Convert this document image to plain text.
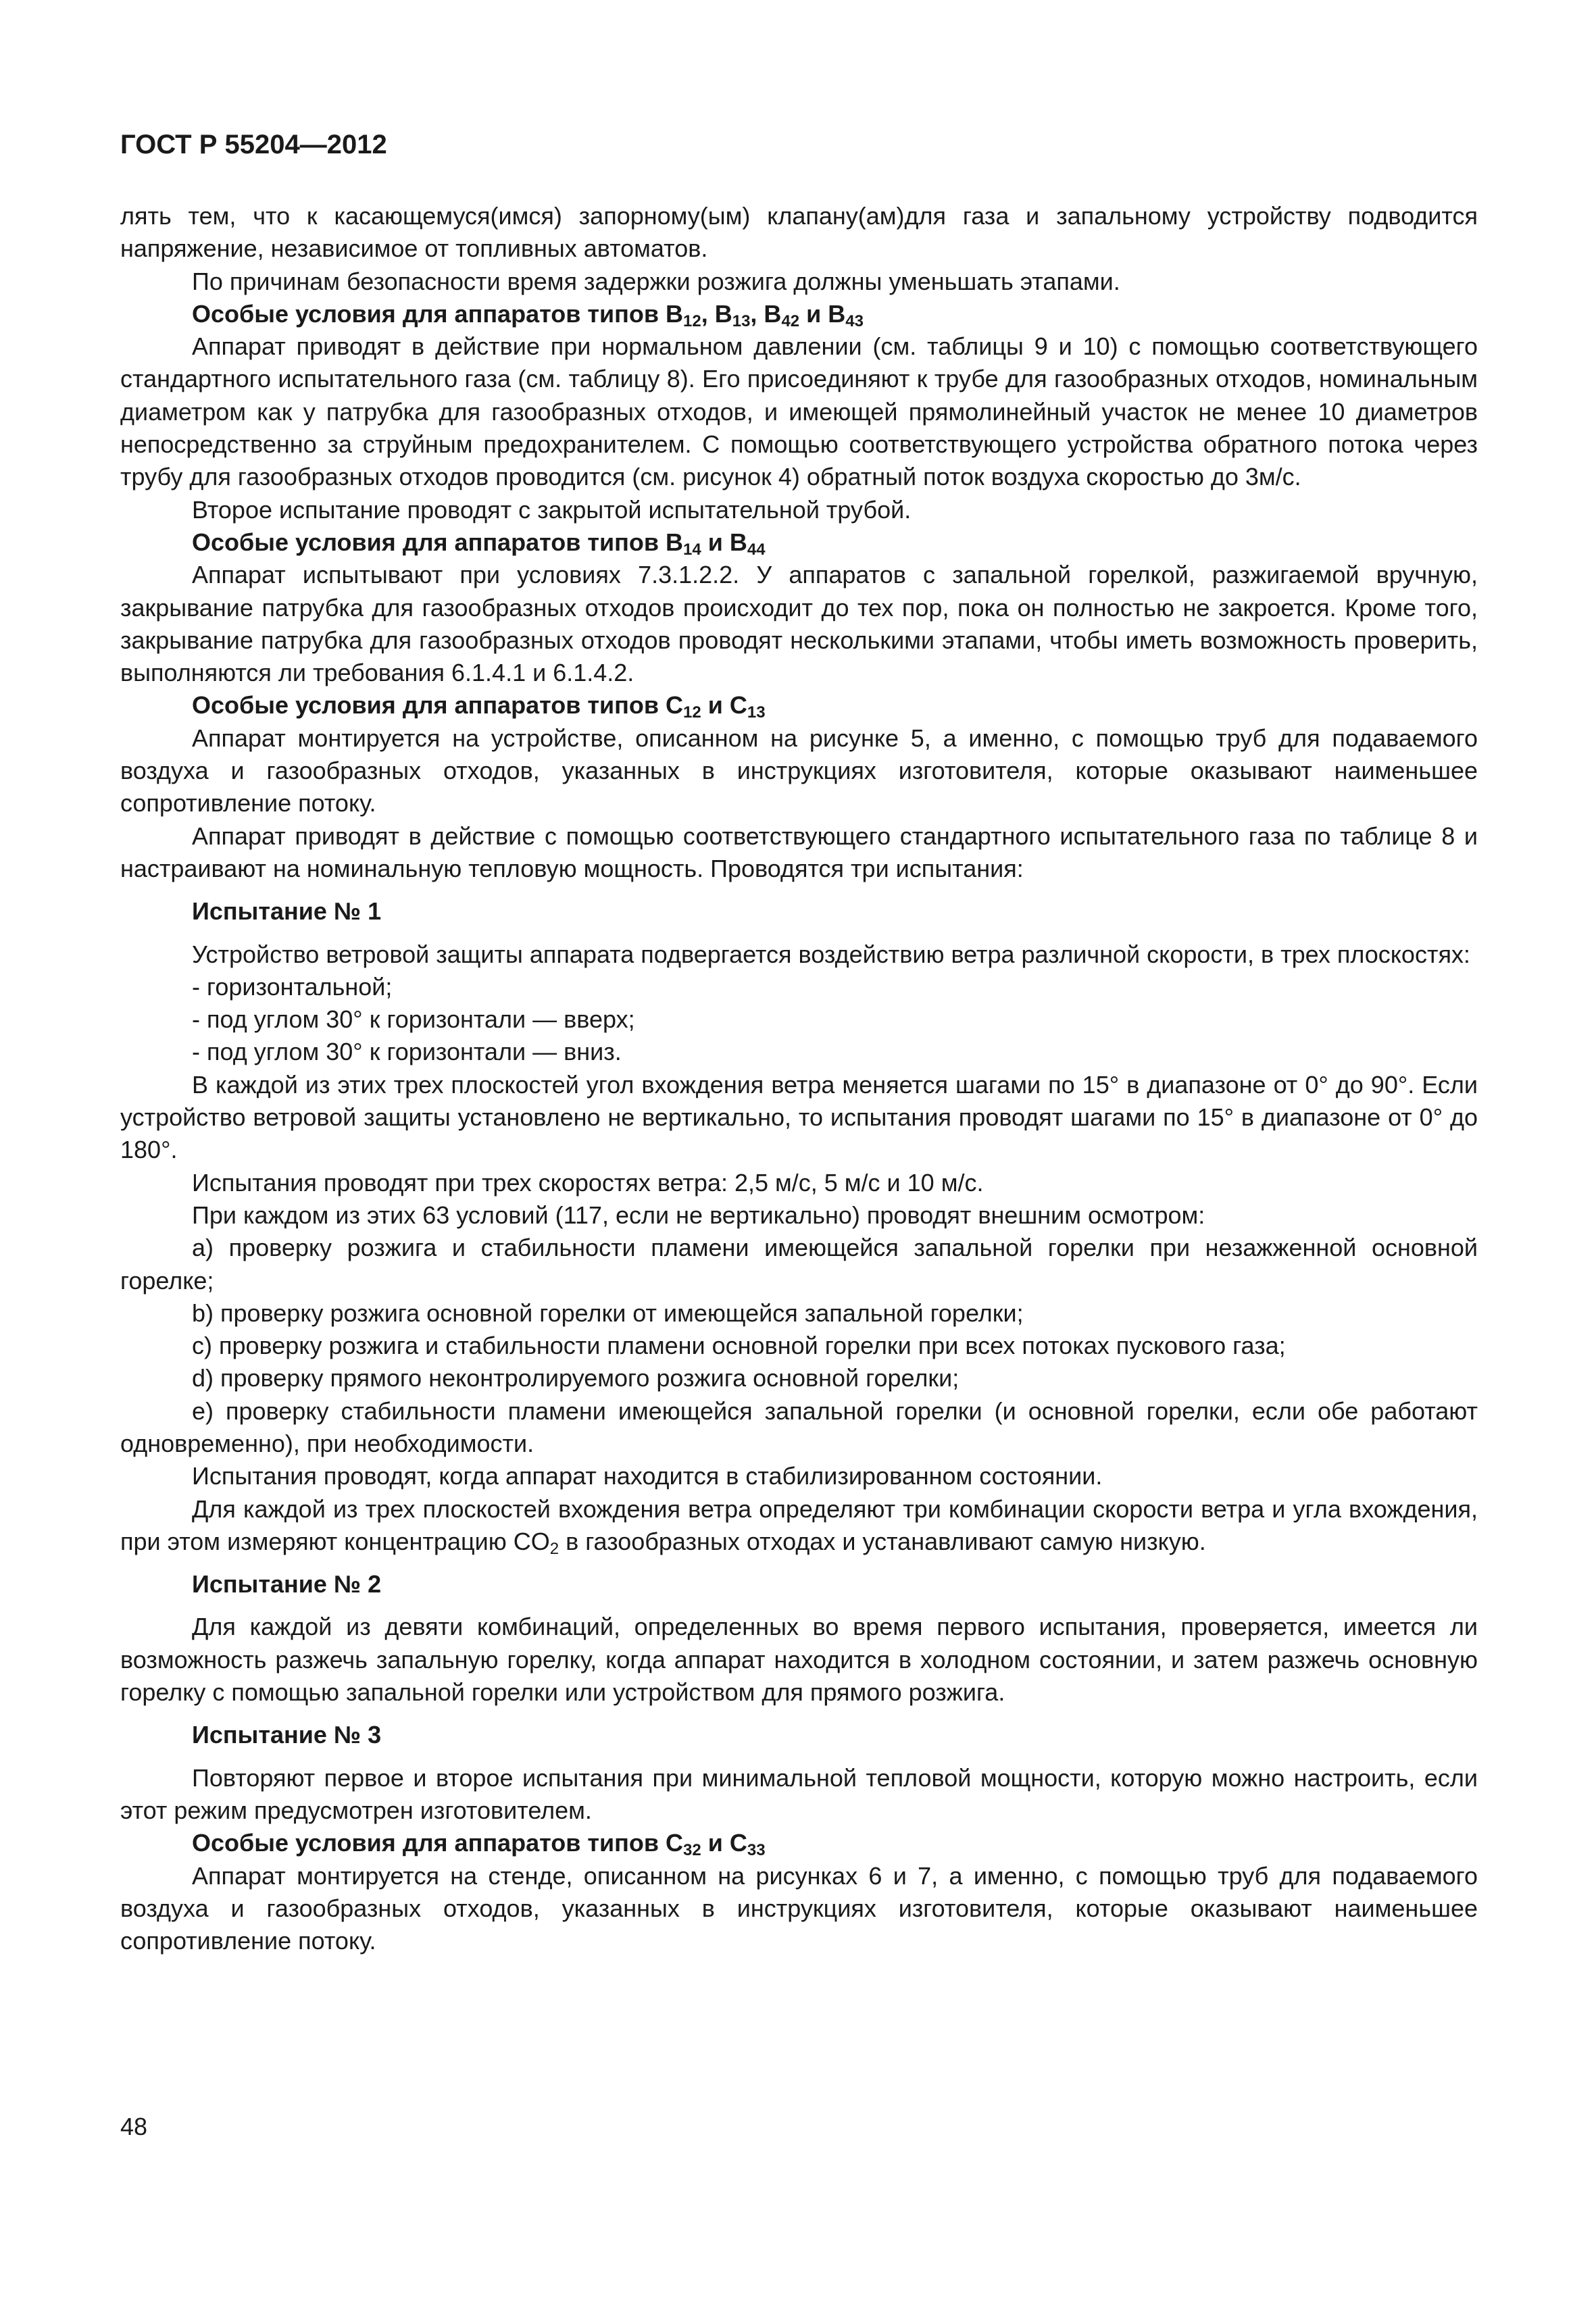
ГОСТ Р 55204—2012

лять тем, что к касающемуся(имся) запорному(ым) клапану(ам)для газа и запальному устройству подводится напряжение, независимое от топливных автоматов.

По причинам безопасности время задержки розжига должны уменьшать этапами.

Особые условия для аппаратов типов $B_{12}$, $B_{13}$, $B_{42}$ и $B_{43}$

Аппарат приводят в действие при нормальном давлении (см. таблицы 9 и 10) с помощью соответствующего стандартного испытательного газа (см. таблицу 8). Его присоединяют к трубе для газообразных отходов, номинальным диаметром как у патрубка для газообразных отходов, и имеющей прямолинейный участок не менее 10 диаметров непосредственно за струйным предохранителем. С помощью соответствующего устройства обратного потока через трубу для газообразных отходов проводится (см. рисунок 4) обратный поток воздуха скоростью до 3м/с.

Второе испытание проводят с закрытой испытательной трубой.

Особые условия для аппаратов типов $B_{14}$ и $B_{44}$

Аппарат испытывают при условиях 7.3.1.2.2. У аппаратов с запальной горелкой, разжигаемой вручную, закрывание патрубка для газообразных отходов происходит до тех пор, пока он полностью не закроется. Кроме того, закрывание патрубка для газообразных отходов проводят несколькими этапами, чтобы иметь возможность проверить, выполняются ли требования 6.1.4.1 и 6.1.4.2.

Особые условия для аппаратов типов $C_{12}$ и $C_{13}$

Аппарат монтируется на устройстве, описанном на рисунке 5, а именно, с помощью труб для подаваемого воздуха и газообразных отходов, указанных в инструкциях изготовителя, которые оказывают наименьшее сопротивление потоку.

Аппарат приводят в действие с помощью соответствующего стандартного испытательного газа по таблице 8 и настраивают на номинальную тепловую мощность. Проводятся три испытания:

Испытание № 1

Устройство ветровой защиты аппарата подвергается воздействию ветра различной скорости, в трех плоскостях:

- горизонтальной;

- под углом 30° к горизонтали — вверх;

- под углом 30° к горизонтали — вниз.

В каждой из этих трех плоскостей угол вхождения ветра меняется шагами по 15° в диапазоне от 0° до 90°. Если устройство ветровой защиты установлено не вертикально, то испытания проводят шагами по 15° в диапазоне от 0° до 180°.

Испытания проводят при трех скоростях ветра: 2,5 м/с, 5 м/с и 10 м/с.

При каждом из этих 63 условий (117, если не вертикально) проводят внешним осмотром:

а) проверку розжига и стабильности пламени имеющейся запальной горелки при незажженной основной горелке;

b) проверку розжига основной горелки от имеющейся запальной горелки;

с) проверку розжига и стабильности пламени основной горелки при всех потоках пускового газа;

d) проверку прямого неконтролируемого розжига основной горелки;

е) проверку стабильности пламени имеющейся запальной горелки (и основной горелки, если обе работают одновременно), при необходимости.

Испытания проводят, когда аппарат находится в стабилизированном состоянии.

Для каждой из трех плоскостей вхождения ветра определяют три комбинации скорости ветра и угла вхождения, при этом измеряют концентрацию $CO_2$ в газообразных отходах и устанавливают самую низкую.

Испытание № 2

Для каждой из девяти комбинаций, определенных во время первого испытания, проверяется, имеется ли возможность разжечь запальную горелку, когда аппарат находится в холодном состоянии, и затем разжечь основную горелку с помощью запальной горелки или устройством для прямого розжига.

Испытание № 3

Повторяют первое и второе испытания при минимальной тепловой мощности, которую можно настроить, если этот режим предусмотрен изготовителем.

Особые условия для аппаратов типов $C_{32}$ и $C_{33}$

Аппарат монтируется на стенде, описанном на рисунках 6 и 7, а именно, с помощью труб для подаваемого воздуха и газообразных отходов, указанных в инструкциях изготовителя, которые оказывают наименьшее сопротивление потоку.

48
